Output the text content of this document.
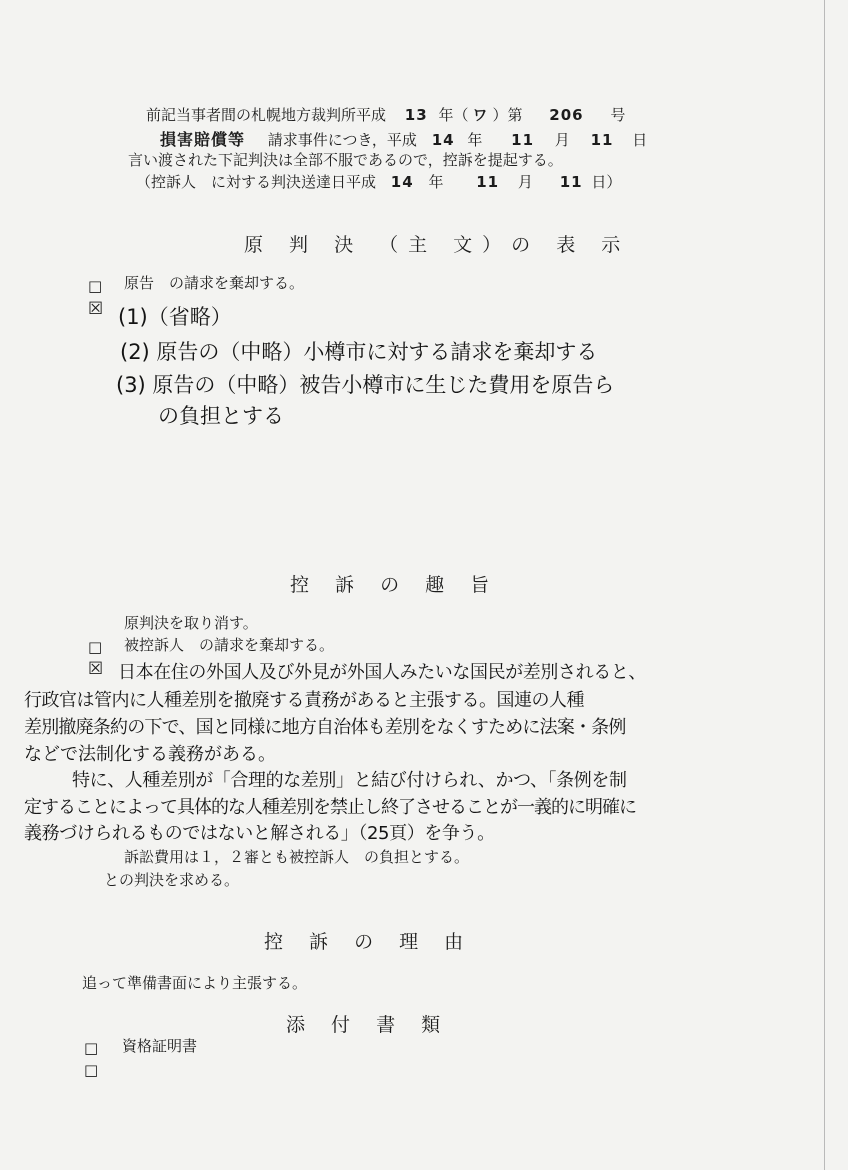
前記当事者間の札幌地方裁判所平成 13 年（ ワ ）第 206 号
損害賠償等 請求事件につき，平成 14 年 11 月 11 日
言い渡された下記判決は全部不服であるので，控訴を提起する。
（控訴人　に対する判決送達日平成 14 年 11 月 11 日）
原 判 決 （主 文）の 表 示
□ 原告　の請求を棄却する。
☒ (1)（省略）
(2) 原告の（中略）小樽市に対する請求を棄却する
(3) 原告の（中略）被告小樽市に生じた費用を原告ら
の負担とする
控 訴 の 趣 旨
原判決を取り消す。
□ 被控訴人　の請求を棄却する。
☒ 日本在住の外国人及び外見が外国人みたいな国民が差別されると、
行政官は管内に人種差別を撤廃する責務があると主張する。国連の人種
差別撤廃条約の下で、国と同様に地方自治体も差別をなくすために法案・条例
などで法制化する義務がある。
特に、人種差別が「合理的な差別」と結び付けられ、かつ、「条例を制
定することによって具体的な人種差別を禁止し終了させることが一義的に明確に
義務づけられるものではないと解される」（25頁）を争う。
訴訟費用は１，２審とも被控訴人　の負担とする。
との判決を求める。
控 訴 の 理 由
追って準備書面により主張する。
添 付 書 類
□ 資格証明書
□
